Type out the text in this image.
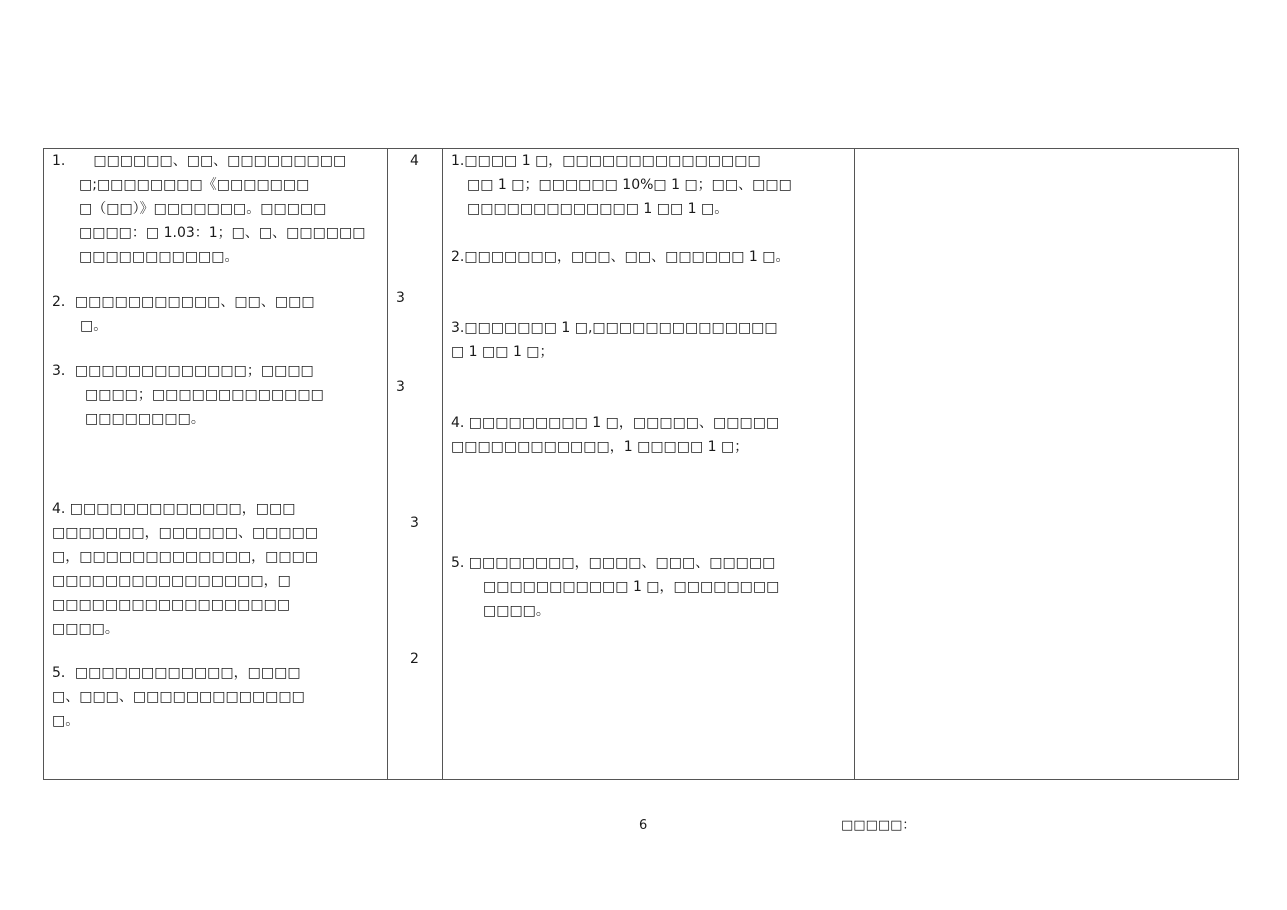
1.　　□□□□□□、□□、□□□□□□□□□
□;□□□□□□□□《□□□□□□□
□（□□）》□□□□□□□。□□□□□
□□□□：□ 1.03：1；□、□、□□□□□□
□□□□□□□□□□□。
2．□□□□□□□□□□□、□□、□□□
□。
3．□□□□□□□□□□□□□；□□□□
□□□□；□□□□□□□□□□□□□
□□□□□□□□。
4. □□□□□□□□□□□□□，□□□
□□□□□□□，□□□□□□、□□□□□
□，□□□□□□□□□□□□□，□□□□
□□□□□□□□□□□□□□□□，□
□□□□□□□□□□□□□□□□□□
□□□□。
5．□□□□□□□□□□□□，□□□□
□、□□□、□□□□□□□□□□□□□
□。
4
3
3
3
2
1.□□□□ 1 □，□□□□□□□□□□□□□□□
□□ 1 □；□□□□□□ 10%□ 1 □；□□、□□□
□□□□□□□□□□□□□ 1 □□ 1 □。
2.□□□□□□□，□□□、□□、□□□□□□ 1 □。
3.□□□□□□□ 1 □,□□□□□□□□□□□□□□
□ 1 □□ 1 □；
4. □□□□□□□□□ 1 □，□□□□□、□□□□□
□□□□□□□□□□□□，1 □□□□□ 1 □；
5. □□□□□□□□，□□□□、□□□、□□□□□
□□□□□□□□□□□ 1 □，□□□□□□□□
□□□□。
6	□□□□□：
